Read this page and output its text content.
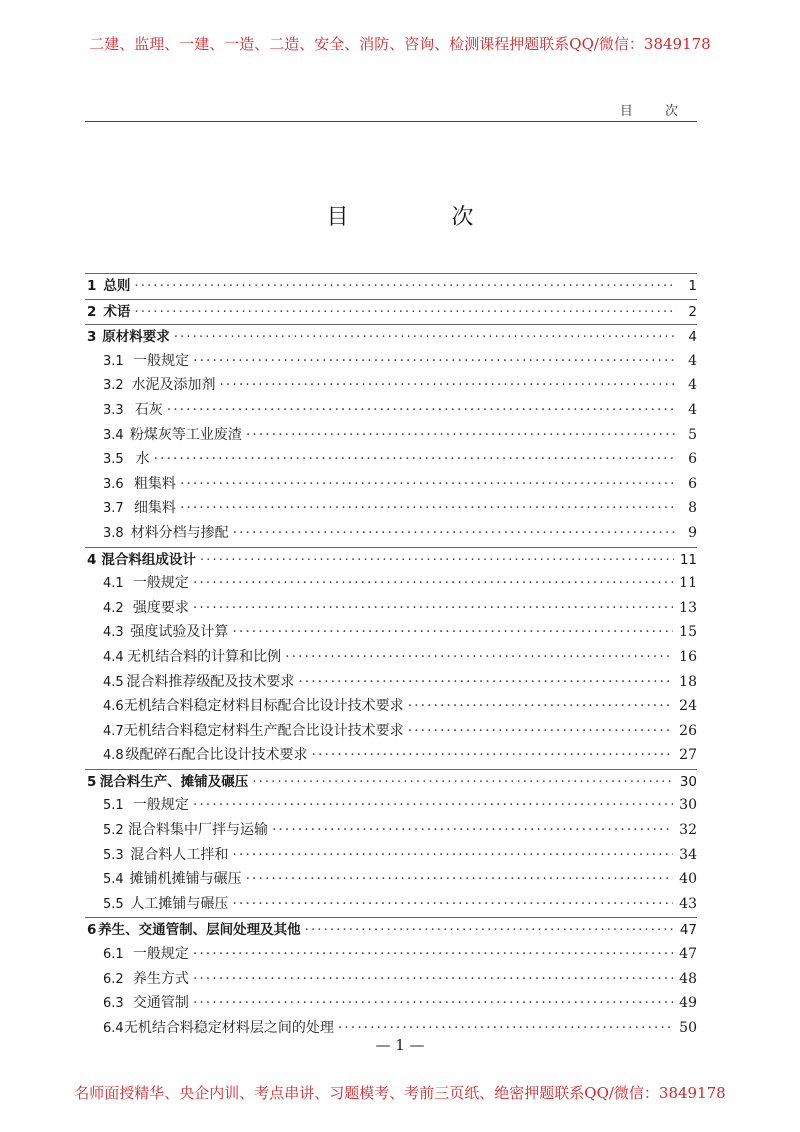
二建、监理、一建、一造、二造、安全、消防、咨询、检测课程押题联系QQ/微信：3849178
目 次
目 次
1 总则 ·····	1
2 术语 ·····	2
3 原材料要求 ·····	4
3.1 一般规定 ·····	4
3.2 水泥及添加剂 ·····	4
3.3 石灰 ·····	4
3.4 粉煤灰等工业废渣 ·····	5
3.5 水 ·····	6
3.6 粗集料 ·····	6
3.7 细集料 ·····	8
3.8 材料分档与掺配 ·····	9
4 混合料组成设计 ·····	11
4.1 一般规定 ·····	11
4.2 强度要求 ·····	13
4.3 强度试验及计算 ·····	15
4.4 无机结合料的计算和比例 ·····	16
4.5 混合料推荐级配及技术要求 ·····	18
4.6 无机结合料稳定材料目标配合比设计技术要求 ·····	24
4.7 无机结合料稳定材料生产配合比设计技术要求 ·····	26
4.8 级配碎石配合比设计技术要求 ·····	27
5 混合料生产、摊铺及碾压 ·····	30
5.1 一般规定 ·····	30
5.2 混合料集中厂拌与运输 ·····	32
5.3 混合料人工拌和 ·····	34
5.4 摊铺机摊铺与碾压 ·····	40
5.5 人工摊铺与碾压 ·····	43
6 养生、交通管制、层间处理及其他 ·····	47
6.1 一般规定 ·····	47
6.2 养生方式 ·····	48
6.3 交通管制 ·····	49
6.4 无机结合料稳定材料层之间的处理 ·····	50
— 1 —
名师面授精华、央企内训、考点串讲、习题模考、考前三页纸、绝密押题联系QQ/微信：3849178
